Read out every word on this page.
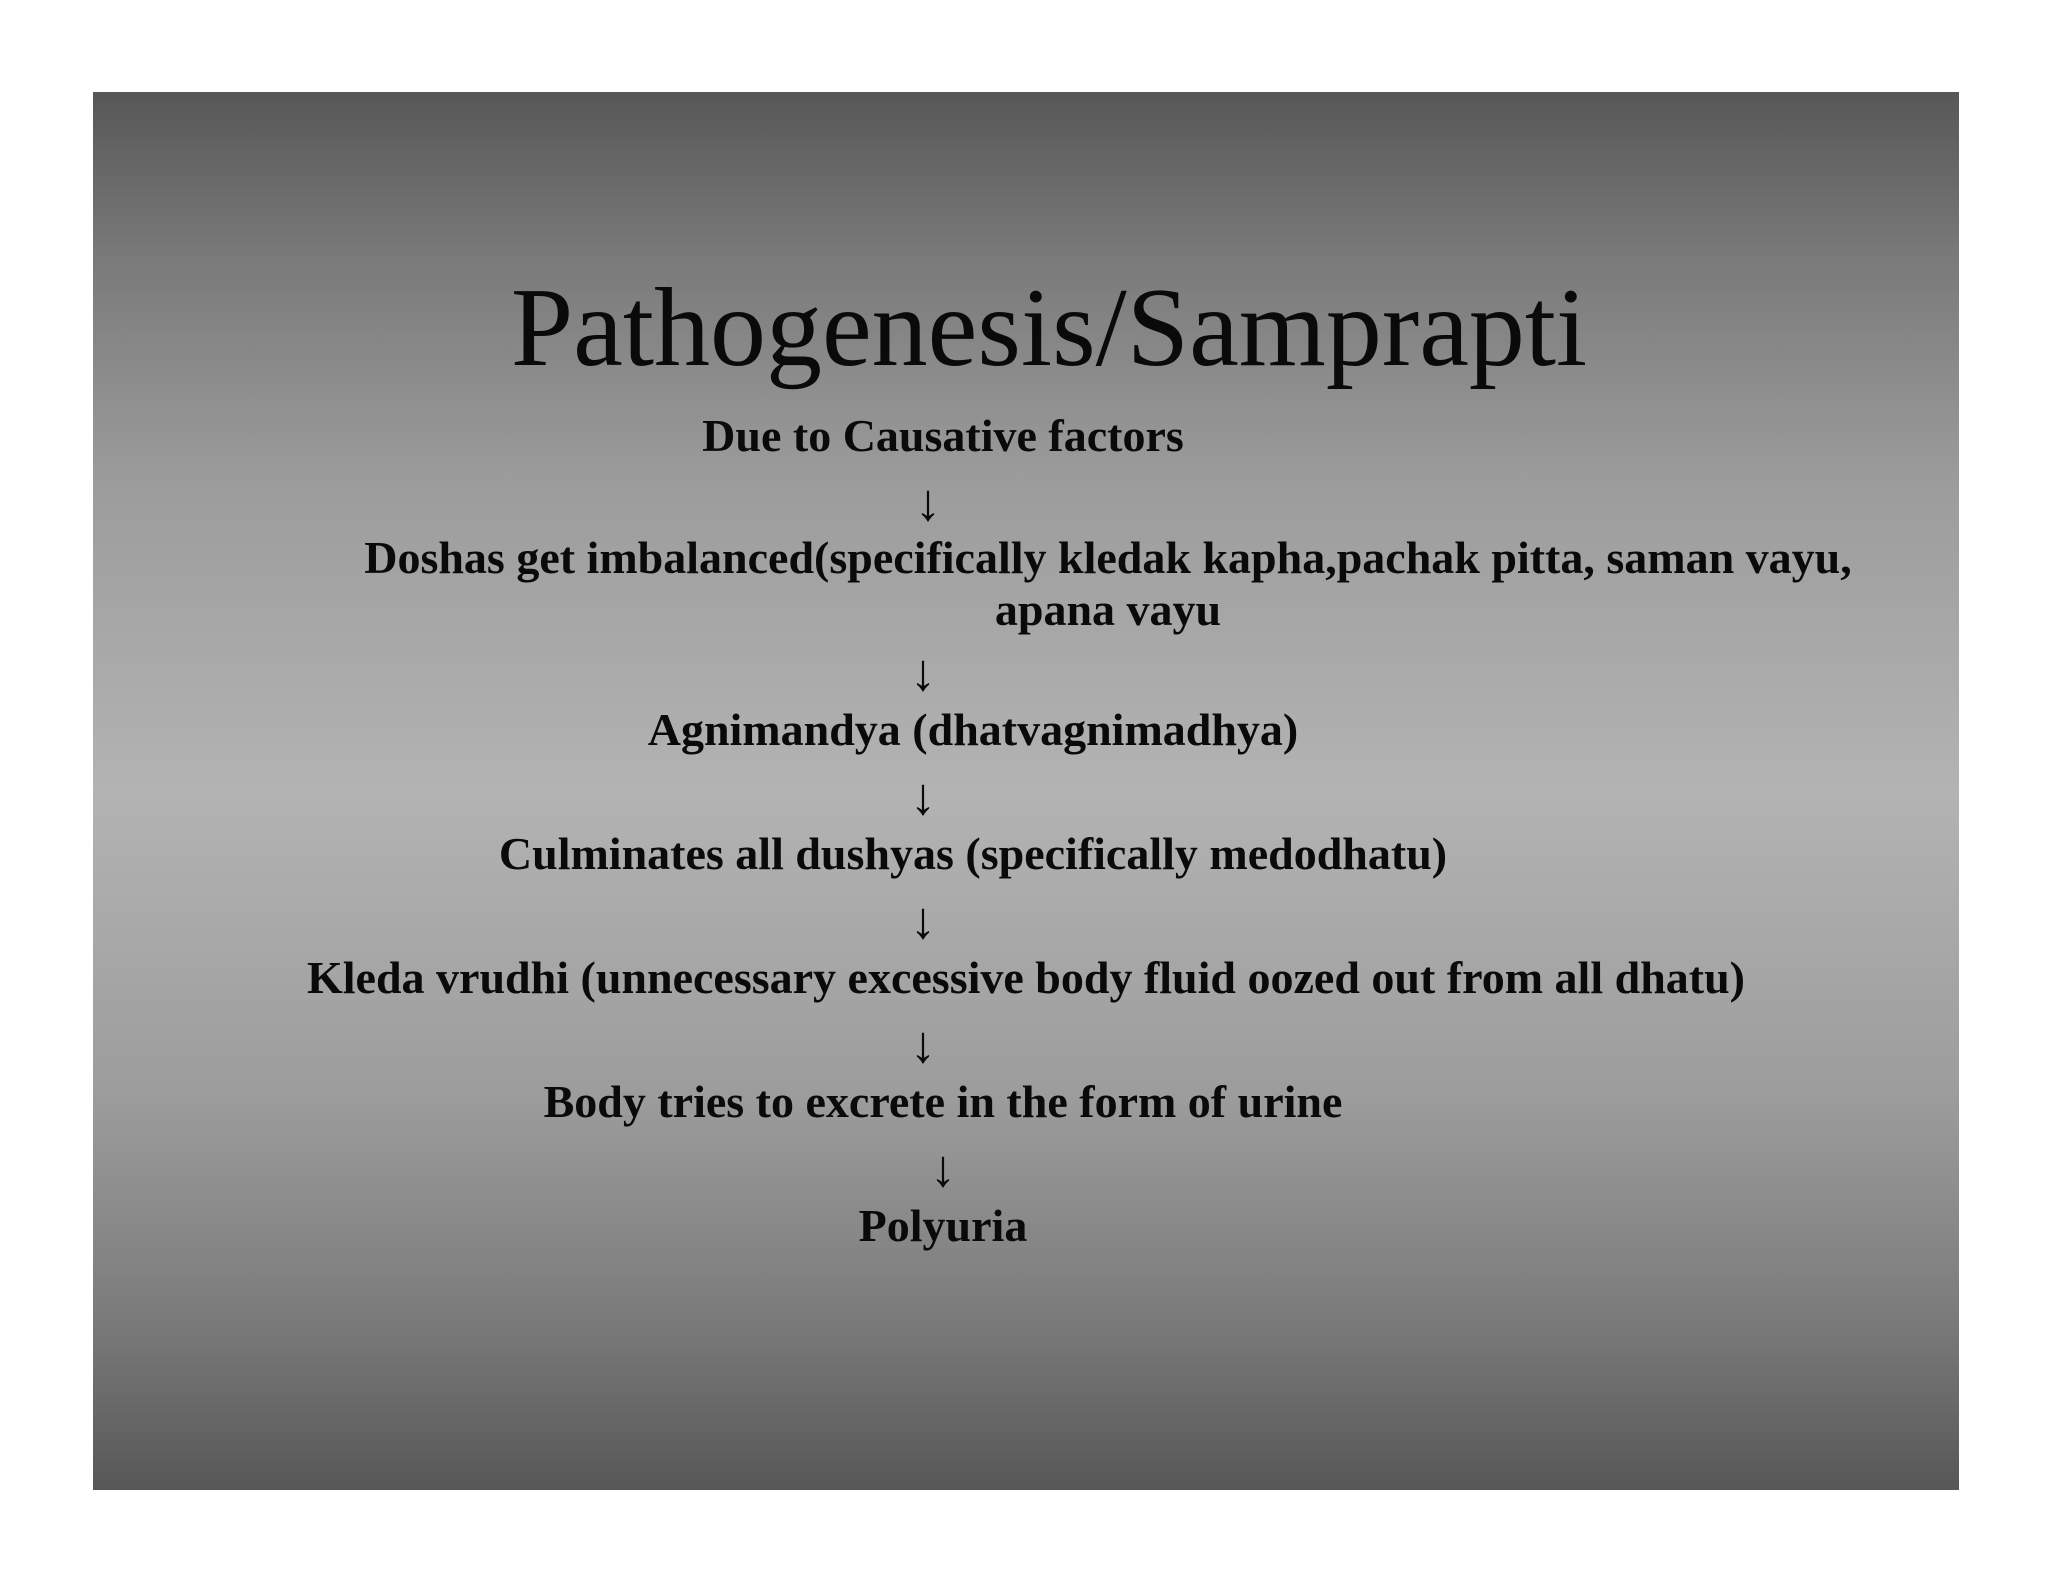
Pathogenesis/Samprapti
Due to Causative factors
↓
Doshas get imbalanced(specifically kledak kapha,pachak pitta, saman vayu, apana vayu
↓
Agnimandya (dhatvagnimadhya)
↓
Culminates all dushyas (specifically medodhatu)
↓
Kleda vrudhi (unnecessary excessive body fluid oozed out from all dhatu)
↓
Body tries to excrete in the form of urine
↓
Polyuria
